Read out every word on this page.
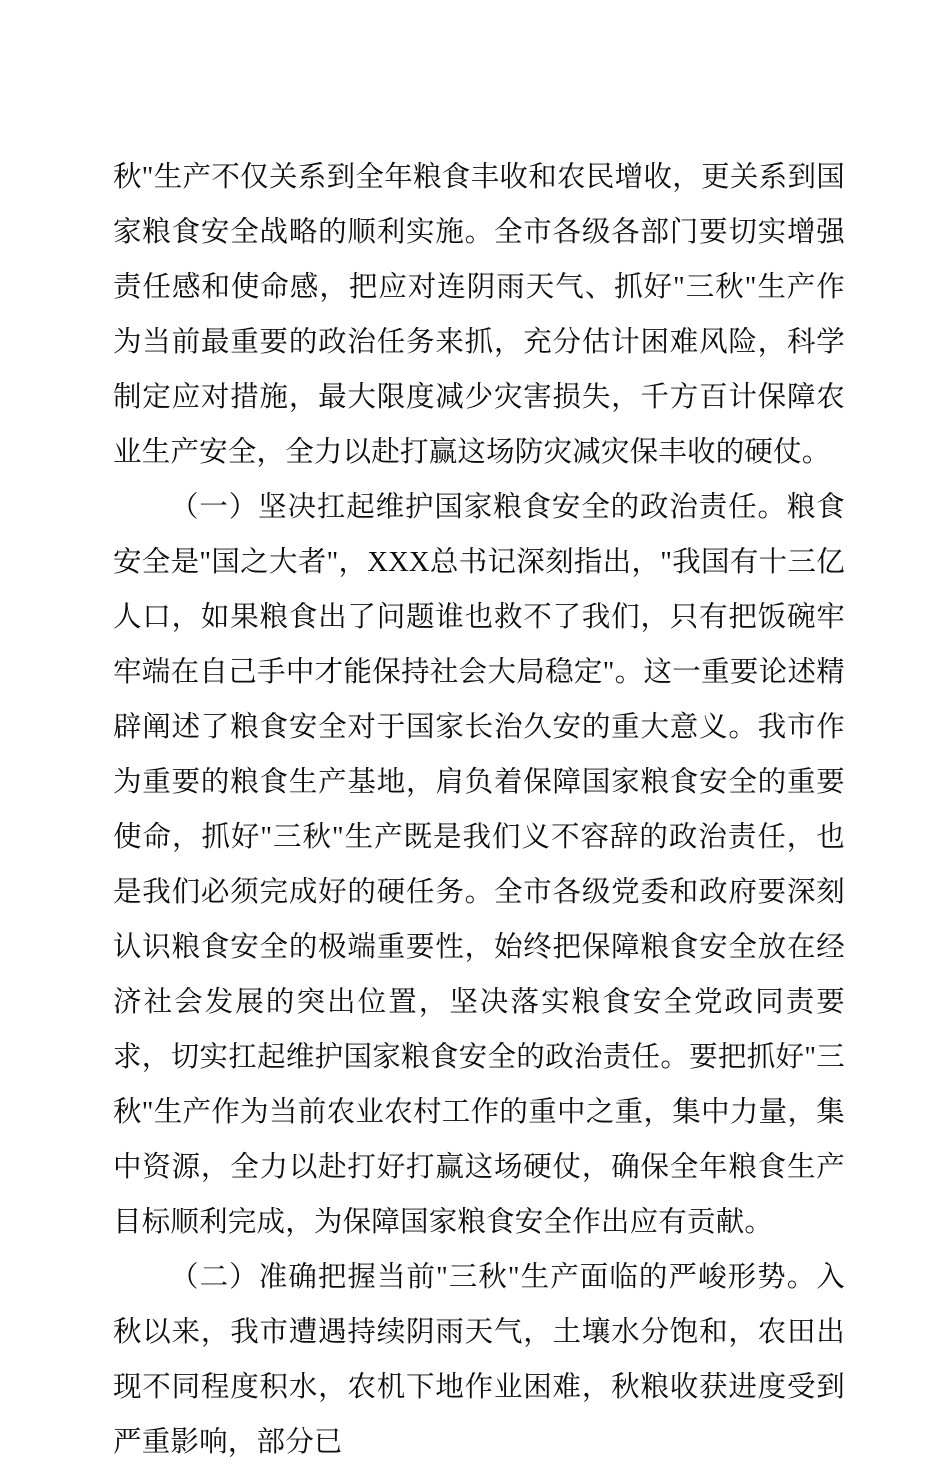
秋"生产不仅关系到全年粮食丰收和农民增收，更关系到国家粮食安全战略的顺利实施。全市各级各部门要切实增强责任感和使命感，把应对连阴雨天气、抓好"三秋"生产作为当前最重要的政治任务来抓，充分估计困难风险，科学制定应对措施，最大限度减少灾害损失，千方百计保障农业生产安全，全力以赴打赢这场防灾减灾保丰收的硬仗。

（一）坚决扛起维护国家粮食安全的政治责任。粮食安全是"国之大者"，XXX总书记深刻指出，"我国有十三亿人口，如果粮食出了问题谁也救不了我们，只有把饭碗牢牢端在自己手中才能保持社会大局稳定"。这一重要论述精辟阐述了粮食安全对于国家长治久安的重大意义。我市作为重要的粮食生产基地，肩负着保障国家粮食安全的重要使命，抓好"三秋"生产既是我们义不容辞的政治责任，也是我们必须完成好的硬任务。全市各级党委和政府要深刻认识粮食安全的极端重要性，始终把保障粮食安全放在经济社会发展的突出位置，坚决落实粮食安全党政同责要求，切实扛起维护国家粮食安全的政治责任。要把抓好"三秋"生产作为当前农业农村工作的重中之重，集中力量，集中资源，全力以赴打好打赢这场硬仗，确保全年粮食生产目标顺利完成，为保障国家粮食安全作出应有贡献。

（二）准确把握当前"三秋"生产面临的严峻形势。入秋以来，我市遭遇持续阴雨天气，土壤水分饱和，农田出现不同程度积水，农机下地作业困难，秋粮收获进度受到严重影响，部分已
